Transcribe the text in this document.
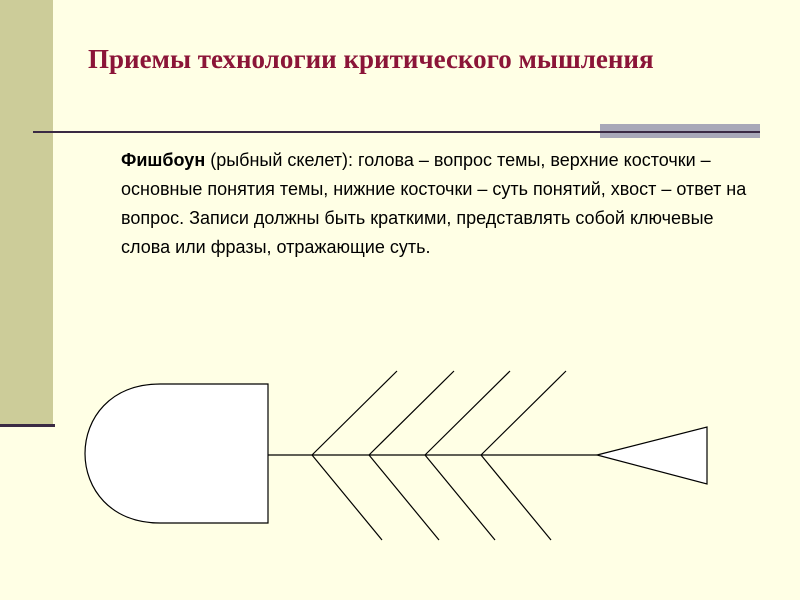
Приемы технологии критического мышления

Фишбоун (рыбный скелет): голова – вопрос темы, верхние косточки – основные понятия темы, нижние косточки – суть понятий, хвост – ответ на вопрос. Записи должны быть краткими, представлять собой ключевые слова или фразы, отражающие суть.
